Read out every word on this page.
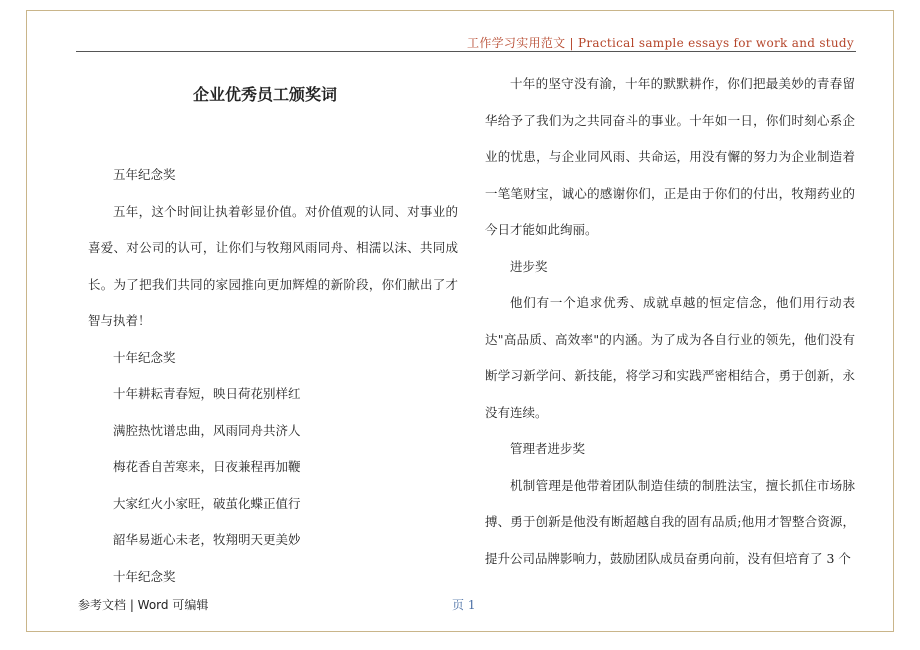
工作学习实用范文 | Practical sample essays for work and study
企业优秀员工颁奖词

五年纪念奖

五年，这个时间让执着彰显价值。对价值观的认同、对事业的喜爱、对公司的认可，让你们与牧翔风雨同舟、相濡以沫、共同成长。为了把我们共同的家园推向更加辉煌的新阶段，你们献出了才智与执着！

十年纪念奖

十年耕耘青春短，映日荷花别样红

满腔热忱谱忠曲，风雨同舟共济人

梅花香自苦寒来，日夜兼程再加鞭

大家红火小家旺，破茧化蝶正值行

韶华易逝心未老，牧翔明天更美妙

十年纪念奖

十年的坚守没有渝，十年的默默耕作，你们把最美妙的青春留华给予了我们为之共同奋斗的事业。十年如一日，你们时刻心系企业的忧患，与企业同风雨、共命运，用没有懈的努力为企业制造着一笔笔财宝，诚心的感谢你们，正是由于你们的付出，牧翔药业的今日才能如此绚丽。

进步奖

他们有一个追求优秀、成就卓越的恒定信念，他们用行动表达"高品质、高效率"的内涵。为了成为各自行业的领先，他们没有断学习新学问、新技能，将学习和实践严密相结合，勇于创新，永没有连续。

管理者进步奖

机制管理是他带着团队制造佳绩的制胜法宝，擅长抓住市场脉搏、勇于创新是他没有断超越自我的固有品质;他用才智整合资源，提升公司品牌影响力，鼓励团队成员奋勇向前，没有但培育了 3 个

参考文档 | Word 可编辑	页 1
